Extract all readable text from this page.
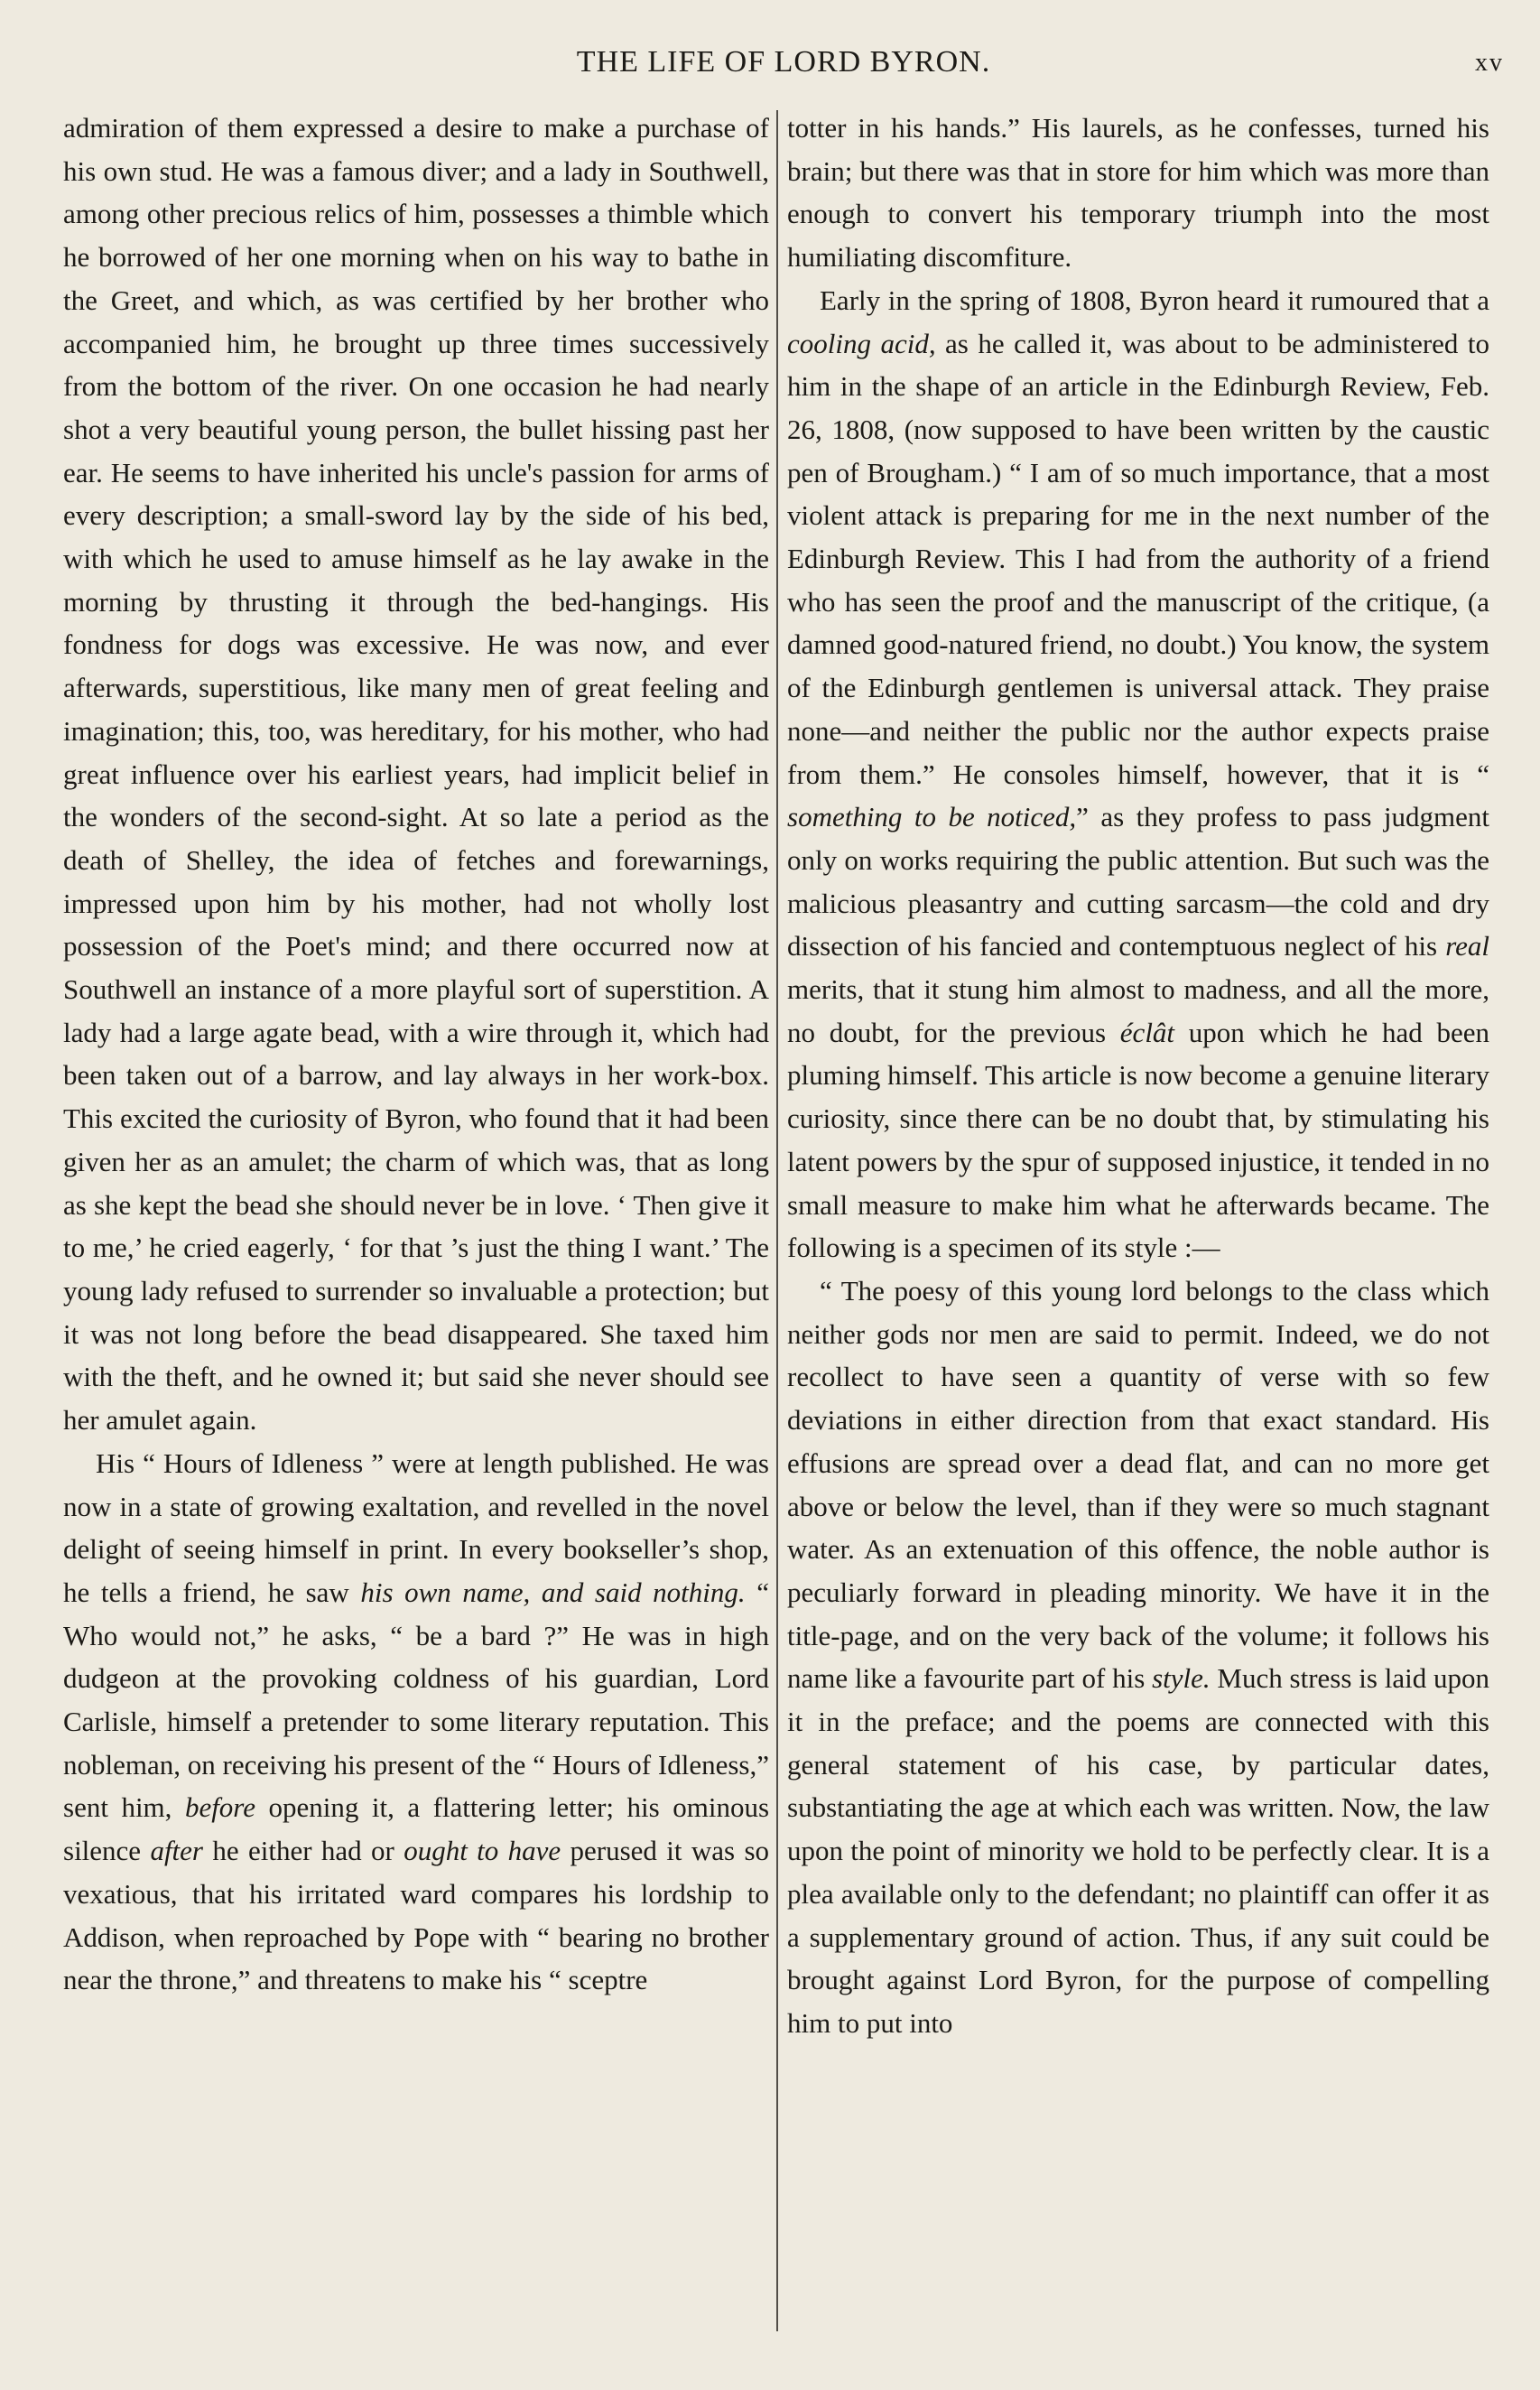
THE LIFE OF LORD BYRON.	xv

admiration of them expressed a desire to make a purchase of his own stud. He was a famous diver; and a lady in Southwell, among other precious relics of him, possesses a thimble which he borrowed of her one morning when on his way to bathe in the Greet, and which, as was certified by her brother who accompanied him, he brought up three times successively from the bottom of the river. On one occasion he had nearly shot a very beautiful young person, the bullet hissing past her ear. He seems to have inherited his uncle's passion for arms of every description; a small-sword lay by the side of his bed, with which he used to amuse himself as he lay awake in the morning by thrusting it through the bed-hangings. His fondness for dogs was excessive. He was now, and ever afterwards, superstitious, like many men of great feeling and imagination; this, too, was hereditary, for his mother, who had great influence over his earliest years, had implicit belief in the wonders of the second-sight. At so late a period as the death of Shelley, the idea of fetches and forewarnings, impressed upon him by his mother, had not wholly lost possession of the Poet's mind; and there occurred now at Southwell an instance of a more playful sort of superstition. A lady had a large agate bead, with a wire through it, which had been taken out of a barrow, and lay always in her work-box. This excited the curiosity of Byron, who found that it had been given her as an amulet; the charm of which was, that as long as she kept the bead she should never be in love. ‘ Then give it to me,’ he cried eagerly, ‘ for that ’s just the thing I want.’ The young lady refused to surrender so invaluable a protection; but it was not long before the bead disappeared. She taxed him with the theft, and he owned it; but said she never should see her amulet again.

His “ Hours of Idleness ” were at length published. He was now in a state of growing exaltation, and revelled in the novel delight of seeing himself in print. In every bookseller’s shop, he tells a friend, he saw his own name, and said nothing. “ Who would not,” he asks, “ be a bard ?” He was in high dudgeon at the provoking coldness of his guardian, Lord Carlisle, himself a pretender to some literary reputation. This nobleman, on receiving his present of the “ Hours of Idleness,” sent him, before opening it, a flattering letter; his ominous silence after he either had or ought to have perused it was so vexatious, that his irritated ward compares his lordship to Addison, when reproached by Pope with “ bearing no brother near the throne,” and threatens to make his “ sceptre

totter in his hands.” His laurels, as he confesses, turned his brain; but there was that in store for him which was more than enough to convert his temporary triumph into the most humiliating discomfiture.

Early in the spring of 1808, Byron heard it rumoured that a cooling acid, as he called it, was about to be administered to him in the shape of an article in the Edinburgh Review, Feb. 26, 1808, (now supposed to have been written by the caustic pen of Brougham.) “ I am of so much importance, that a most violent attack is preparing for me in the next number of the Edinburgh Review. This I had from the authority of a friend who has seen the proof and the manuscript of the critique, (a damned good-natured friend, no doubt.) You know, the system of the Edinburgh gentlemen is universal attack. They praise none—and neither the public nor the author expects praise from them.” He consoles himself, however, that it is “ something to be noticed,” as they profess to pass judgment only on works requiring the public attention. But such was the malicious pleasantry and cutting sarcasm—the cold and dry dissection of his fancied and contemptuous neglect of his real merits, that it stung him almost to madness, and all the more, no doubt, for the previous éclât upon which he had been pluming himself. This article is now become a genuine literary curiosity, since there can be no doubt that, by stimulating his latent powers by the spur of supposed injustice, it tended in no small measure to make him what he afterwards became. The following is a specimen of its style :—

“ The poesy of this young lord belongs to the class which neither gods nor men are said to permit. Indeed, we do not recollect to have seen a quantity of verse with so few deviations in either direction from that exact standard. His effusions are spread over a dead flat, and can no more get above or below the level, than if they were so much stagnant water. As an extenuation of this offence, the noble author is peculiarly forward in pleading minority. We have it in the title-page, and on the very back of the volume; it follows his name like a favourite part of his style. Much stress is laid upon it in the preface; and the poems are connected with this general statement of his case, by particular dates, substantiating the age at which each was written. Now, the law upon the point of minority we hold to be perfectly clear. It is a plea available only to the defendant; no plaintiff can offer it as a supplementary ground of action. Thus, if any suit could be brought against Lord Byron, for the purpose of compelling him to put into
